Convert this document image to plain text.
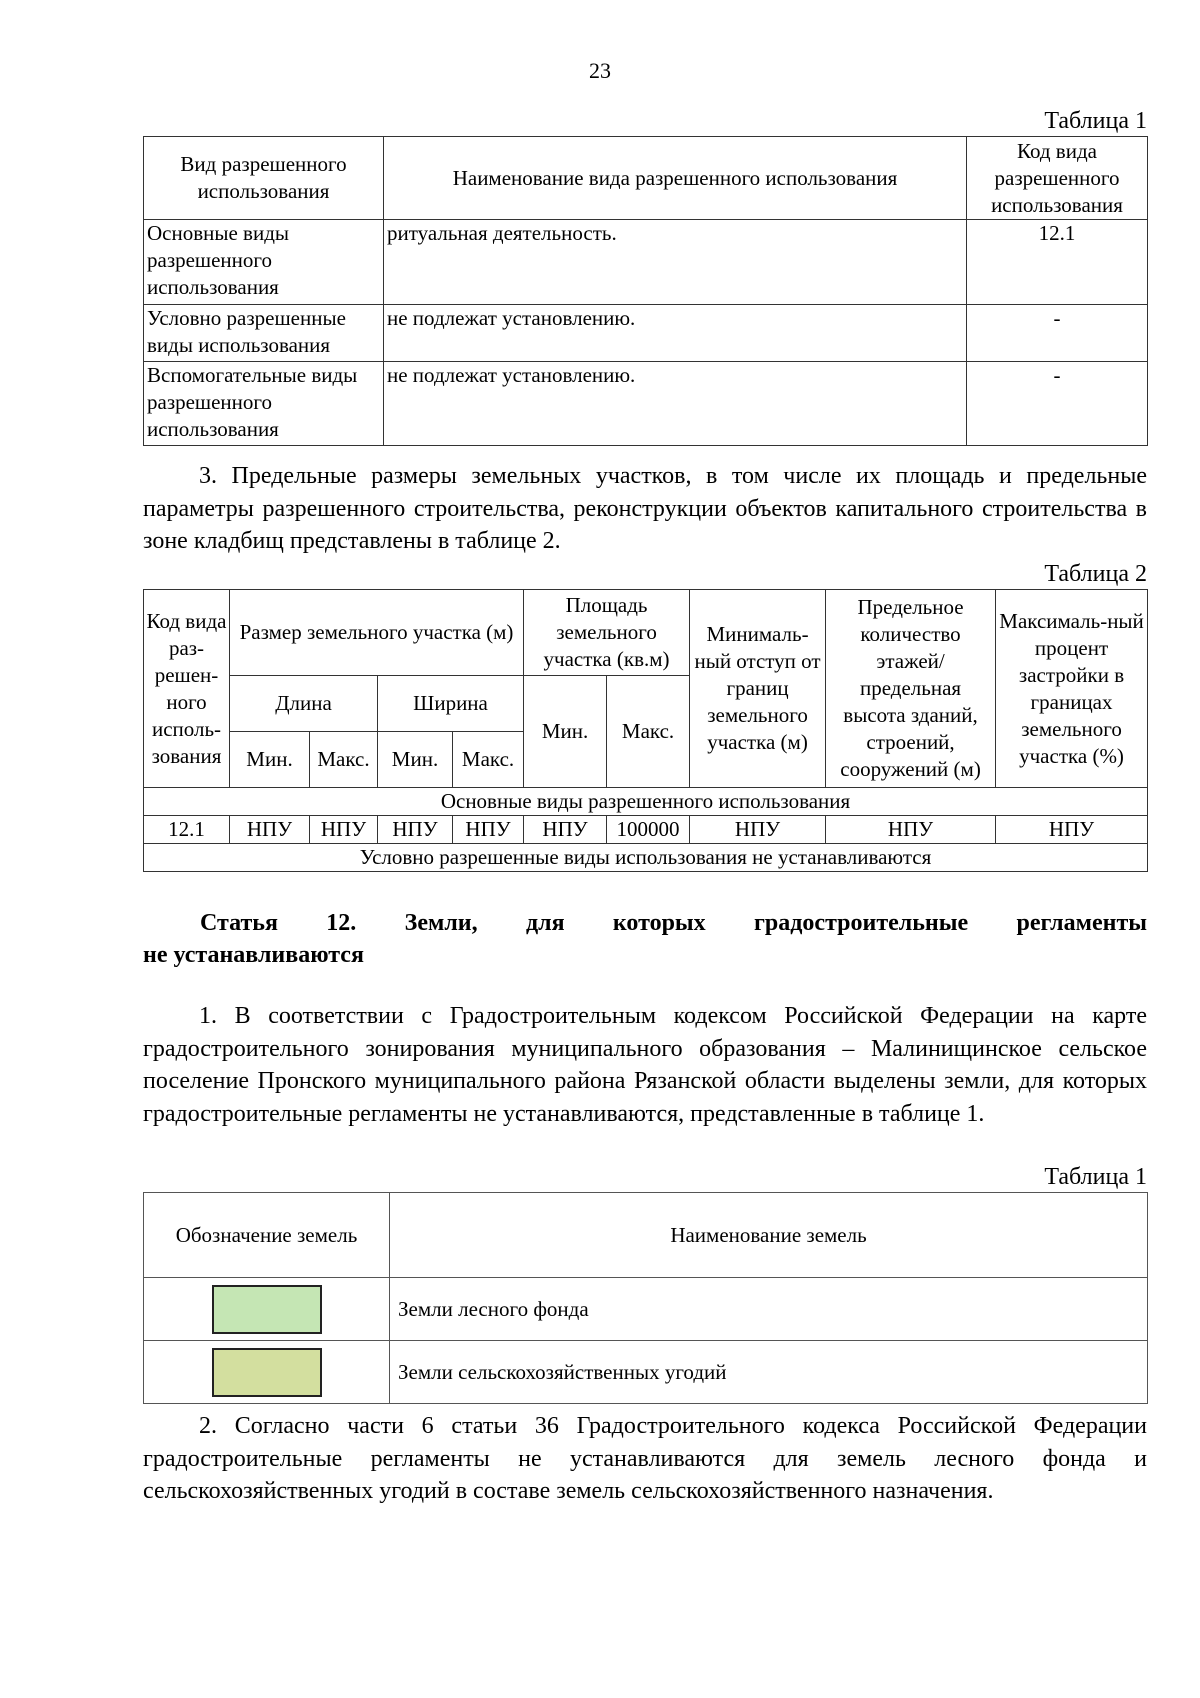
23
Таблица 1
Вид разрешенного использования	Наименование вида разрешенного использования	Код вида разрешенного использования
Основные виды разрешенного использования	ритуальная деятельность.	12.1
Условно разрешенные виды использования	не подлежат установлению.	-
Вспомогательные виды разрешенного использования	не подлежат установлению.	-

3. Предельные размеры земельных участков, в том числе их площадь и предельные параметры разрешенного строительства, реконструкции объектов капитального строительства в зоне кладбищ представлены в таблице 2.

Таблица 2
Код вида раз-решен-ного исполь-зования	Размер земельного участка (м)				Площадь земельного участка (кв.м)		Минималь-ный отступ от границ земельного участка (м)	Предельное количество этажей/ предельная высота зданий, строений, сооружений (м)	Максималь-ный процент застройки в границах земельного участка (%)
	Длина		Ширина		Мин.	Макс.			
	Мин.	Макс.	Мин.	Макс.					
Основные виды разрешенного использования									
12.1	НПУ	НПУ	НПУ	НПУ	НПУ	100000	НПУ	НПУ	НПУ
Условно разрешенные виды использования не устанавливаются									
Статья 12. Земли, для которых градостроительные регламенты
не устанавливаются

1. В соответствии с Градостроительным кодексом Российской Федерации на карте градостроительного зонирования муниципального образования – Малинищинское сельское поселение Пронского муниципального района Рязанской области выделены земли, для которых градостроительные регламенты не устанавливаются, представленные в таблице 1.

Таблица 1
Обозначение земель	Наименование земель

	Земли лесного фонда

	Земли сельскохозяйственных угодий

2. Согласно части 6 статьи 36 Градостроительного кодекса Российской Федерации градостроительные регламенты не устанавливаются для земель лесного фонда и сельскохозяйственных угодий в составе земель сельскохозяйственного назначения.
